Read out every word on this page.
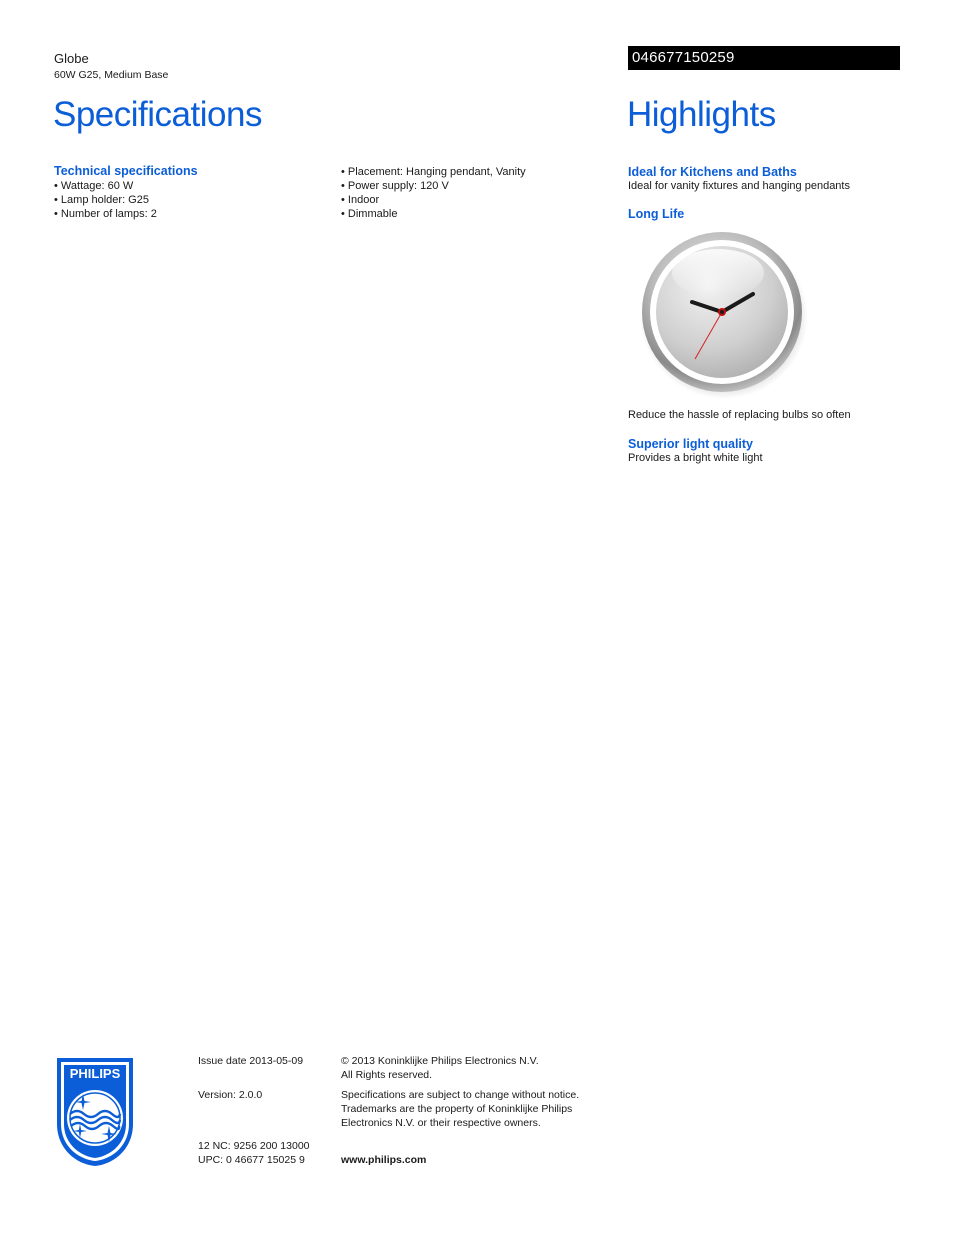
Globe
60W G25, Medium Base
046677150259
Specifications	Highlights
Technical specifications
• Wattage: 60 W
• Lamp holder: G25
• Number of lamps: 2
• Placement: Hanging pendant, Vanity
• Power supply: 120 V
• Indoor
• Dimmable
Ideal for Kitchens and Baths
Ideal for vanity fixtures and hanging pendants
Long Life
Reduce the hassle of replacing bulbs so often
Superior light quality
Provides a bright white light
PHILIPS
Issue date 2013-05-09
Version: 2.0.0
12 NC: 9256 200 13000
UPC: 0 46677 15025 9
© 2013 Koninklijke Philips Electronics N.V.
All Rights reserved.
Specifications are subject to change without notice. Trademarks are the property of Koninklijke Philips Electronics N.V. or their respective owners.
www.philips.com
